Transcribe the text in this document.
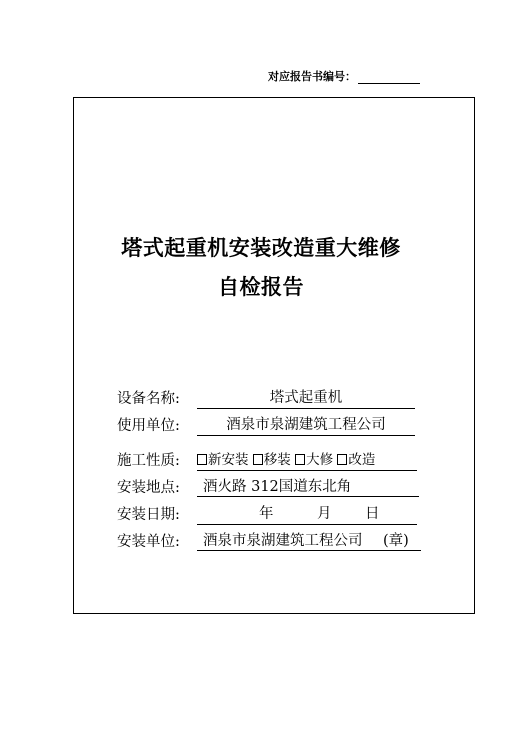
对应报告书编号：
塔式起重机安装改造重大维修
自检报告
设备名称:	塔式起重机
使用单位:	酒泉市泉湖建筑工程公司
施工性质:	新安装 移装 大修 改造
安装地点:	酒火路 312国道东北角
安装日期:	年	月 日
安装单位:	酒泉市泉湖建筑工程公司 (章)
